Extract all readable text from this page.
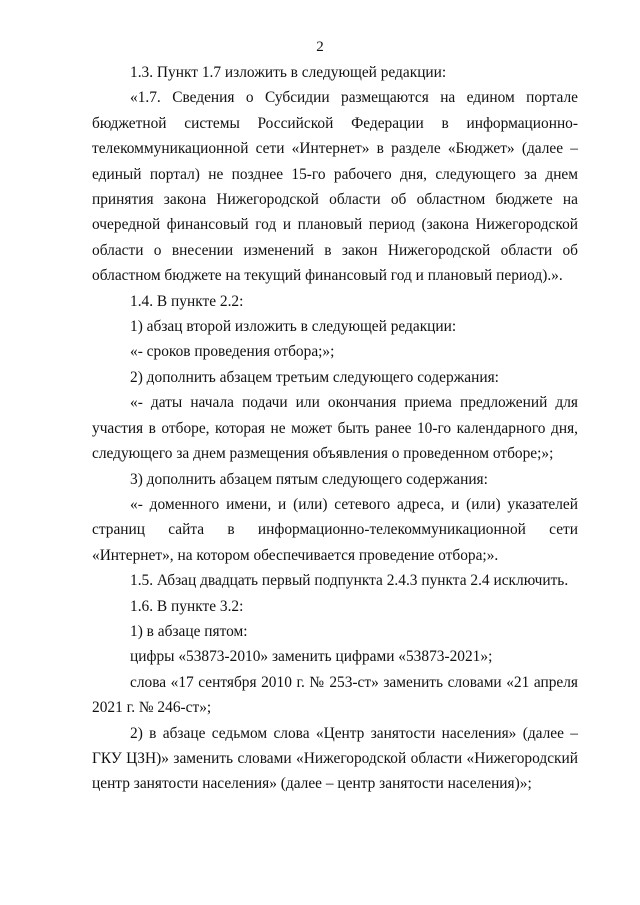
2

1.3. Пункт 1.7 изложить в следующей редакции:

«1.7. Сведения о Субсидии размещаются на едином портале бюджетной системы Российской Федерации в информационно-телекоммуникационной сети «Интернет» в разделе «Бюджет» (далее – единый портал) не позднее 15-го рабочего дня, следующего за днем принятия закона Нижегородской области об областном бюджете на очередной финансовый год и плановый период (закона Нижегородской области о внесении изменений в закон Нижегородской области об областном бюджете на текущий финансовый год и плановый период).».

1.4. В пункте 2.2:

1) абзац второй изложить в следующей редакции:

«- сроков проведения отбора;»;

2) дополнить абзацем третьим следующего содержания:

«- даты начала подачи или окончания приема предложений для участия в отборе, которая не может быть ранее 10-го календарного дня, следующего за днем размещения объявления о проведенном отборе;»;

3) дополнить абзацем пятым следующего содержания:

«- доменного имени, и (или) сетевого адреса, и (или) указателей страниц сайта в информационно-телекоммуникационной сети «Интернет», на котором обеспечивается проведение отбора;».

1.5. Абзац двадцать первый подпункта 2.4.3 пункта 2.4 исключить.

1.6. В пункте 3.2:

1) в абзаце пятом:

цифры «53873-2010» заменить цифрами «53873-2021»;

слова «17 сентября 2010 г. № 253-ст» заменить словами «21 апреля 2021 г. № 246-ст»;

2) в абзаце седьмом слова «Центр занятости населения» (далее – ГКУ ЦЗН)» заменить словами «Нижегородской области «Нижегородский центр занятости населения» (далее – центр занятости населения)»;
